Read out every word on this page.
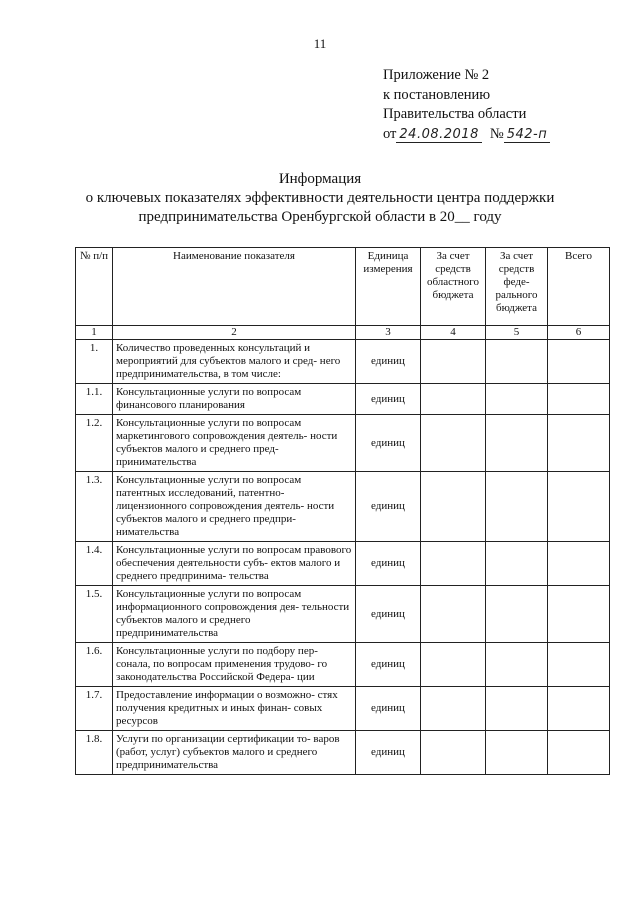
11
Приложение № 2
к постановлению
Правительства области
от 24.08.2018 № 542-п
Информация
о ключевых показателях эффективности деятельности центра поддержки
предпринимательства Оренбургской области в 20__ году
№ п/п	Наименование показателя	Единица измерения	За счет средств областного бюджета	За счет средств феде- рального бюджета	Всего
1	2	3	4	5	6
1.	Количество проведенных консультаций и мероприятий для субъектов малого и сред- него предпринимательства, в том числе:	единиц			
1.1.	Консультационные услуги по вопросам финансового планирования	единиц			
1.2.	Консультационные услуги по вопросам маркетингового сопровождения деятель- ности субъектов малого и среднего пред- принимательства	единиц			
1.3.	Консультационные услуги по вопросам патентных исследований, патентно- лицензионного сопровождения деятель- ности субъектов малого и среднего предпри- нимательства	единиц			
1.4.	Консультационные услуги по вопросам правового обеспечения деятельности субъ- ектов малого и среднего предпринима- тельства	единиц			
1.5.	Консультационные услуги по вопросам информационного сопровождения дея- тельности субъектов малого и среднего предпринимательства	единиц			
1.6.	Консультационные услуги по подбору пер- сонала, по вопросам применения трудово- го законодательства Российской Федера- ции	единиц			
1.7.	Предоставление информации о возможно- стях получения кредитных и иных финан- совых ресурсов	единиц			
1.8.	Услуги по организации сертификации то- варов (работ, услуг) субъектов малого и среднего предпринимательства	единиц			
